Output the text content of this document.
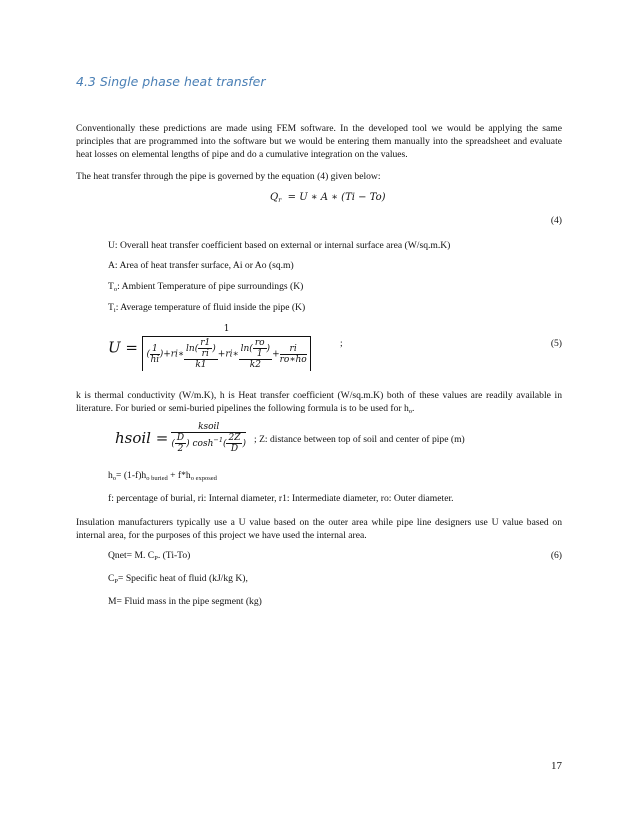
4.3 Single phase heat transfer
Conventionally these predictions are made using FEM software. In the developed tool we would be applying the same principles that are programmed into the software but we would be entering them manually into the spreadsheet and evaluate heat losses on elemental lengths of pipe and do a cumulative integration on the values.
The heat transfer through the pipe is governed by the equation (4) given below:
$Q_r = U$ ∗ A ∗ (Ti − To)
(4)
U: Overall heat transfer coefficient based on external or internal surface area (W/sq.m.K)
A: Area of heat transfer surface, Ai or Ao (sq.m)
$T_o$: Ambient Temperature of pipe surroundings (K)
$T_i$: Average temperature of fluid inside the pipe (K)
$U = \frac{1}{( \frac{1}{hi} )+ri∗ \frac{\ln( \frac{r1}{ri} )}{k1} +ri∗ \frac{\ln( \frac{ro}{1} )}{k2} + \frac{ri}{ro∗ho}}$	;	(5)
k is thermal conductivity (W/m.K), h is Heat transfer coefficient (W/sq.m.K) both of these values are readily available in literature. For buried or semi-buried pipelines the following formula is to be used for $h_o$.
hsoil = $\frac{\text{ksoil}}{( \frac{D}{2} ) \cosh^{-1}( \frac{2Z}{D} )}$ ; Z: distance between top of soil and center of pipe (m)
$h_o= (1-f)h_{o buried} + f*h_{o exposed}$
f: percentage of burial, ri: Internal diameter, r1: Intermediate diameter, ro: Outer diameter.
Insulation manufacturers typically use a U value based on the outer area while pipe line designers use U value based on internal area, for the purposes of this project we have used the internal area.
Qnet= M. $C_P$. (Ti-To)	(6)
$C_P=$ Specific heat of fluid (kJ/kg K),
M= Fluid mass in the pipe segment (kg)
17
